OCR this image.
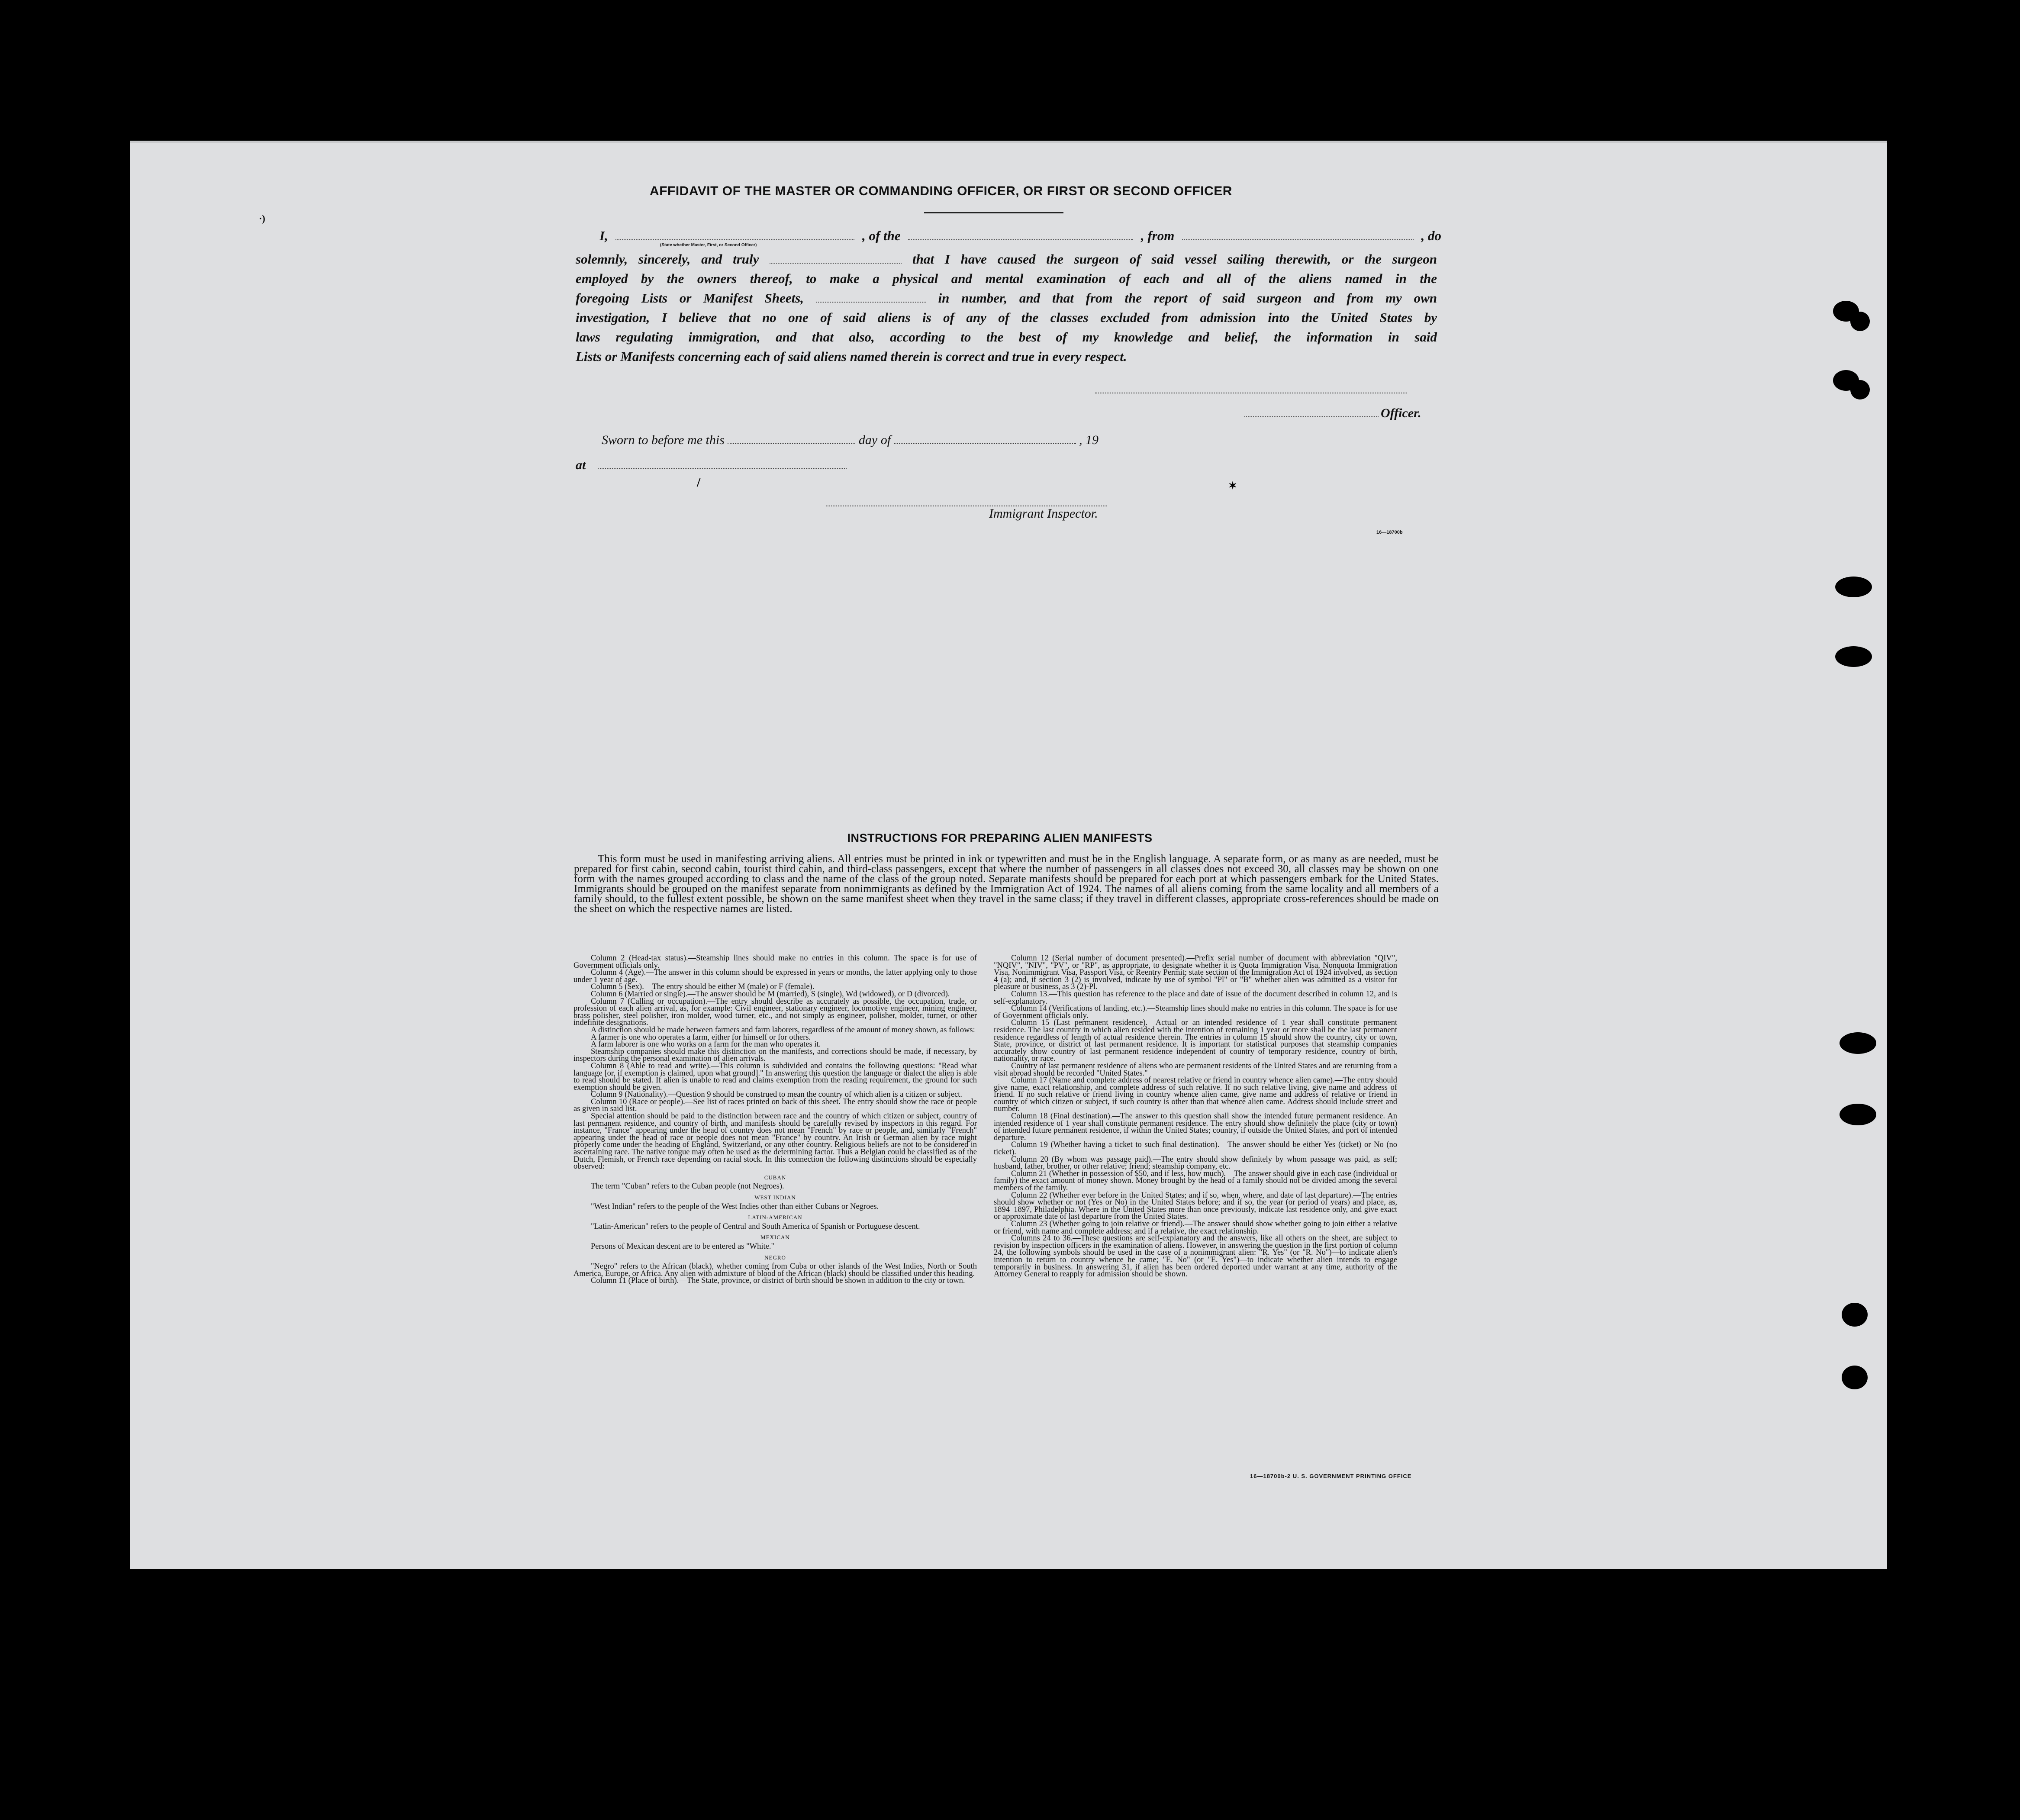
·)
/	✶
/
AFFIDAVIT OF THE MASTER OR COMMANDING OFFICER, OR FIRST OR SECOND OFFICER
I,	, of the	, from	, do
(State whether Master, First, or Second Officer)

solemnly, sincerely, and truly	that I have caused the surgeon of said vessel sailing therewith, or the surgeon

employed by the owners thereof, to make a physical and mental examination of each and all of the aliens named in the

foregoing Lists or Manifest Sheets,	in number, and that from the report of said surgeon and from my own

investigation, I believe that no one of said aliens is of any of the classes excluded from admission into the United States by

laws regulating immigration, and that also, according to the best of my knowledge and belief, the information in said

Lists or Manifests concerning each of said aliens named therein is correct and true in every respect.

Officer.
Sworn to before me this	day of	, 19
at
Immigrant Inspector.
16—18700b
INSTRUCTIONS FOR PREPARING ALIEN MANIFESTS

This form must be used in manifesting arriving aliens. All entries must be printed in ink or typewritten and must be in the English language. A separate form, or as many as are needed, must be prepared for first cabin, second cabin, tourist third cabin, and third-class passengers, except that where the number of passengers in all classes does not exceed 30, all classes may be shown on one form with the names grouped according to class and the name of the class of the group noted. Separate manifests should be prepared for each port at which passengers embark for the United States. Immigrants should be grouped on the manifest separate from nonimmigrants as defined by the Immigration Act of 1924. The names of all aliens coming from the same locality and all members of a family should, to the fullest extent possible, be shown on the same manifest sheet when they travel in the same class; if they travel in different classes, appropriate cross-references should be made on the sheet on which the respective names are listed.

Column 2 (Head-tax status).—Steamship lines should make no entries in this column. The space is for use of Government officials only.

Column 4 (Age).—The answer in this column should be expressed in years or months, the latter applying only to those under 1 year of age.

Column 5 (Sex).—The entry should be either M (male) or F (female).

Column 6 (Married or single).—The answer should be M (married), S (single), Wd (widowed), or D (divorced).

Column 7 (Calling or occupation).—The entry should describe as accurately as possible, the occupation, trade, or profession of each alien arrival, as, for example: Civil engineer, stationary engineer, locomotive engineer, mining engineer, brass polisher, steel polisher, iron molder, wood turner, etc., and not simply as engineer, polisher, molder, turner, or other indefinite designations.

A distinction should be made between farmers and farm laborers, regardless of the amount of money shown, as follows:

A farmer is one who operates a farm, either for himself or for others.

A farm laborer is one who works on a farm for the man who operates it.

Steamship companies should make this distinction on the manifests, and corrections should be made, if necessary, by inspectors during the personal examination of alien arrivals.

Column 8 (Able to read and write).—This column is subdivided and contains the following questions: "Read what language [or, if exemption is claimed, upon what ground]." In answering this question the language or dialect the alien is able to read should be stated. If alien is unable to read and claims exemption from the reading requirement, the ground for such exemption should be given.

Column 9 (Nationality).—Question 9 should be construed to mean the country of which alien is a citizen or subject.

Column 10 (Race or people).—See list of races printed on back of this sheet. The entry should show the race or people as given in said list.

Special attention should be paid to the distinction between race and the country of which citizen or subject, country of last permanent residence, and country of birth, and manifests should be carefully revised by inspectors in this regard. For instance, "France" appearing under the head of country does not mean "French" by race or people, and, similarly "French" appearing under the head of race or people does not mean "France" by country. An Irish or German alien by race might properly come under the heading of England, Switzerland, or any other country. Religious beliefs are not to be considered in ascertaining race. The native tongue may often be used as the determining factor. Thus a Belgian could be classified as of the Dutch, Flemish, or French race depending on racial stock. In this connection the following distinctions should be especially observed:

CUBAN

The term "Cuban" refers to the Cuban people (not Negroes).

WEST INDIAN

"West Indian" refers to the people of the West Indies other than either Cubans or Negroes.

LATIN-AMERICAN

"Latin-American" refers to the people of Central and South America of Spanish or Portuguese descent.

MEXICAN

Persons of Mexican descent are to be entered as "White."

NEGRO

"Negro" refers to the African (black), whether coming from Cuba or other islands of the West Indies, North or South America, Europe, or Africa. Any alien with admixture of blood of the African (black) should be classified under this heading.

Column 11 (Place of birth).—The State, province, or district of birth should be shown in addition to the city or town.

Column 12 (Serial number of document presented).—Prefix serial number of document with abbreviation "QIV", "NQIV", "NIV", "PV", or "RP", as appropriate, to designate whether it is Quota Immigration Visa, Nonquota Immigration Visa, Nonimmigrant Visa, Passport Visa, or Reentry Permit; state section of the Immigration Act of 1924 involved, as section 4 (a); and, if section 3 (2) is involved, indicate by use of symbol "Pl" or "B" whether alien was admitted as a visitor for pleasure or business, as 3 (2)-Pl.

Column 13.—This question has reference to the place and date of issue of the document described in column 12, and is self-explanatory.

Column 14 (Verifications of landing, etc.).—Steamship lines should make no entries in this column. The space is for use of Government officials only.

Column 15 (Last permanent residence).—Actual or an intended residence of 1 year shall constitute permanent residence. The last country in which alien resided with the intention of remaining 1 year or more shall be the last permanent residence regardless of length of actual residence therein. The entries in column 15 should show the country, city or town, State, province, or district of last permanent residence. It is important for statistical purposes that steamship companies accurately show country of last permanent residence independent of country of temporary residence, country of birth, nationality, or race.

Country of last permanent residence of aliens who are permanent residents of the United States and are returning from a visit abroad should be recorded "United States."

Column 17 (Name and complete address of nearest relative or friend in country whence alien came).—The entry should give name, exact relationship, and complete address of such relative. If no such relative living, give name and address of friend. If no such relative or friend living in country whence alien came, give name and address of relative or friend in country of which citizen or subject, if such country is other than that whence alien came. Address should include street and number.

Column 18 (Final destination).—The answer to this question shall show the intended future permanent residence. An intended residence of 1 year shall constitute permanent residence. The entry should show definitely the place (city or town) of intended future permanent residence, if within the United States; country, if outside the United States, and port of intended departure.

Column 19 (Whether having a ticket to such final destination).—The answer should be either Yes (ticket) or No (no ticket).

Column 20 (By whom was passage paid).—The entry should show definitely by whom passage was paid, as self; husband, father, brother, or other relative; friend; steamship company, etc.

Column 21 (Whether in possession of $50, and if less, how much).—The answer should give in each case (individual or family) the exact amount of money shown. Money brought by the head of a family should not be divided among the several members of the family.

Column 22 (Whether ever before in the United States; and if so, when, where, and date of last departure).—The entries should show whether or not (Yes or No) in the United States before; and if so, the year (or period of years) and place, as, 1894–1897, Philadelphia. Where in the United States more than once previously, indicate last residence only, and give exact or approximate date of last departure from the United States.

Column 23 (Whether going to join relative or friend).—The answer should show whether going to join either a relative or friend, with name and complete address; and if a relative, the exact relationship.

Columns 24 to 36.—These questions are self-explanatory and the answers, like all others on the sheet, are subject to revision by inspection officers in the examination of aliens. However, in answering the question in the first portion of column 24, the following symbols should be used in the case of a nonimmigrant alien: "R. Yes" (or "R. No")—to indicate alien's intention to return to country whence he came; "E. No" (or "E. Yes")—to indicate whether alien intends to engage temporarily in business. In answering 31, if alien has been ordered deported under warrant at any time, authority of the Attorney General to reapply for admission should be shown.

16—18700b-2 U. S. GOVERNMENT PRINTING OFFICE
